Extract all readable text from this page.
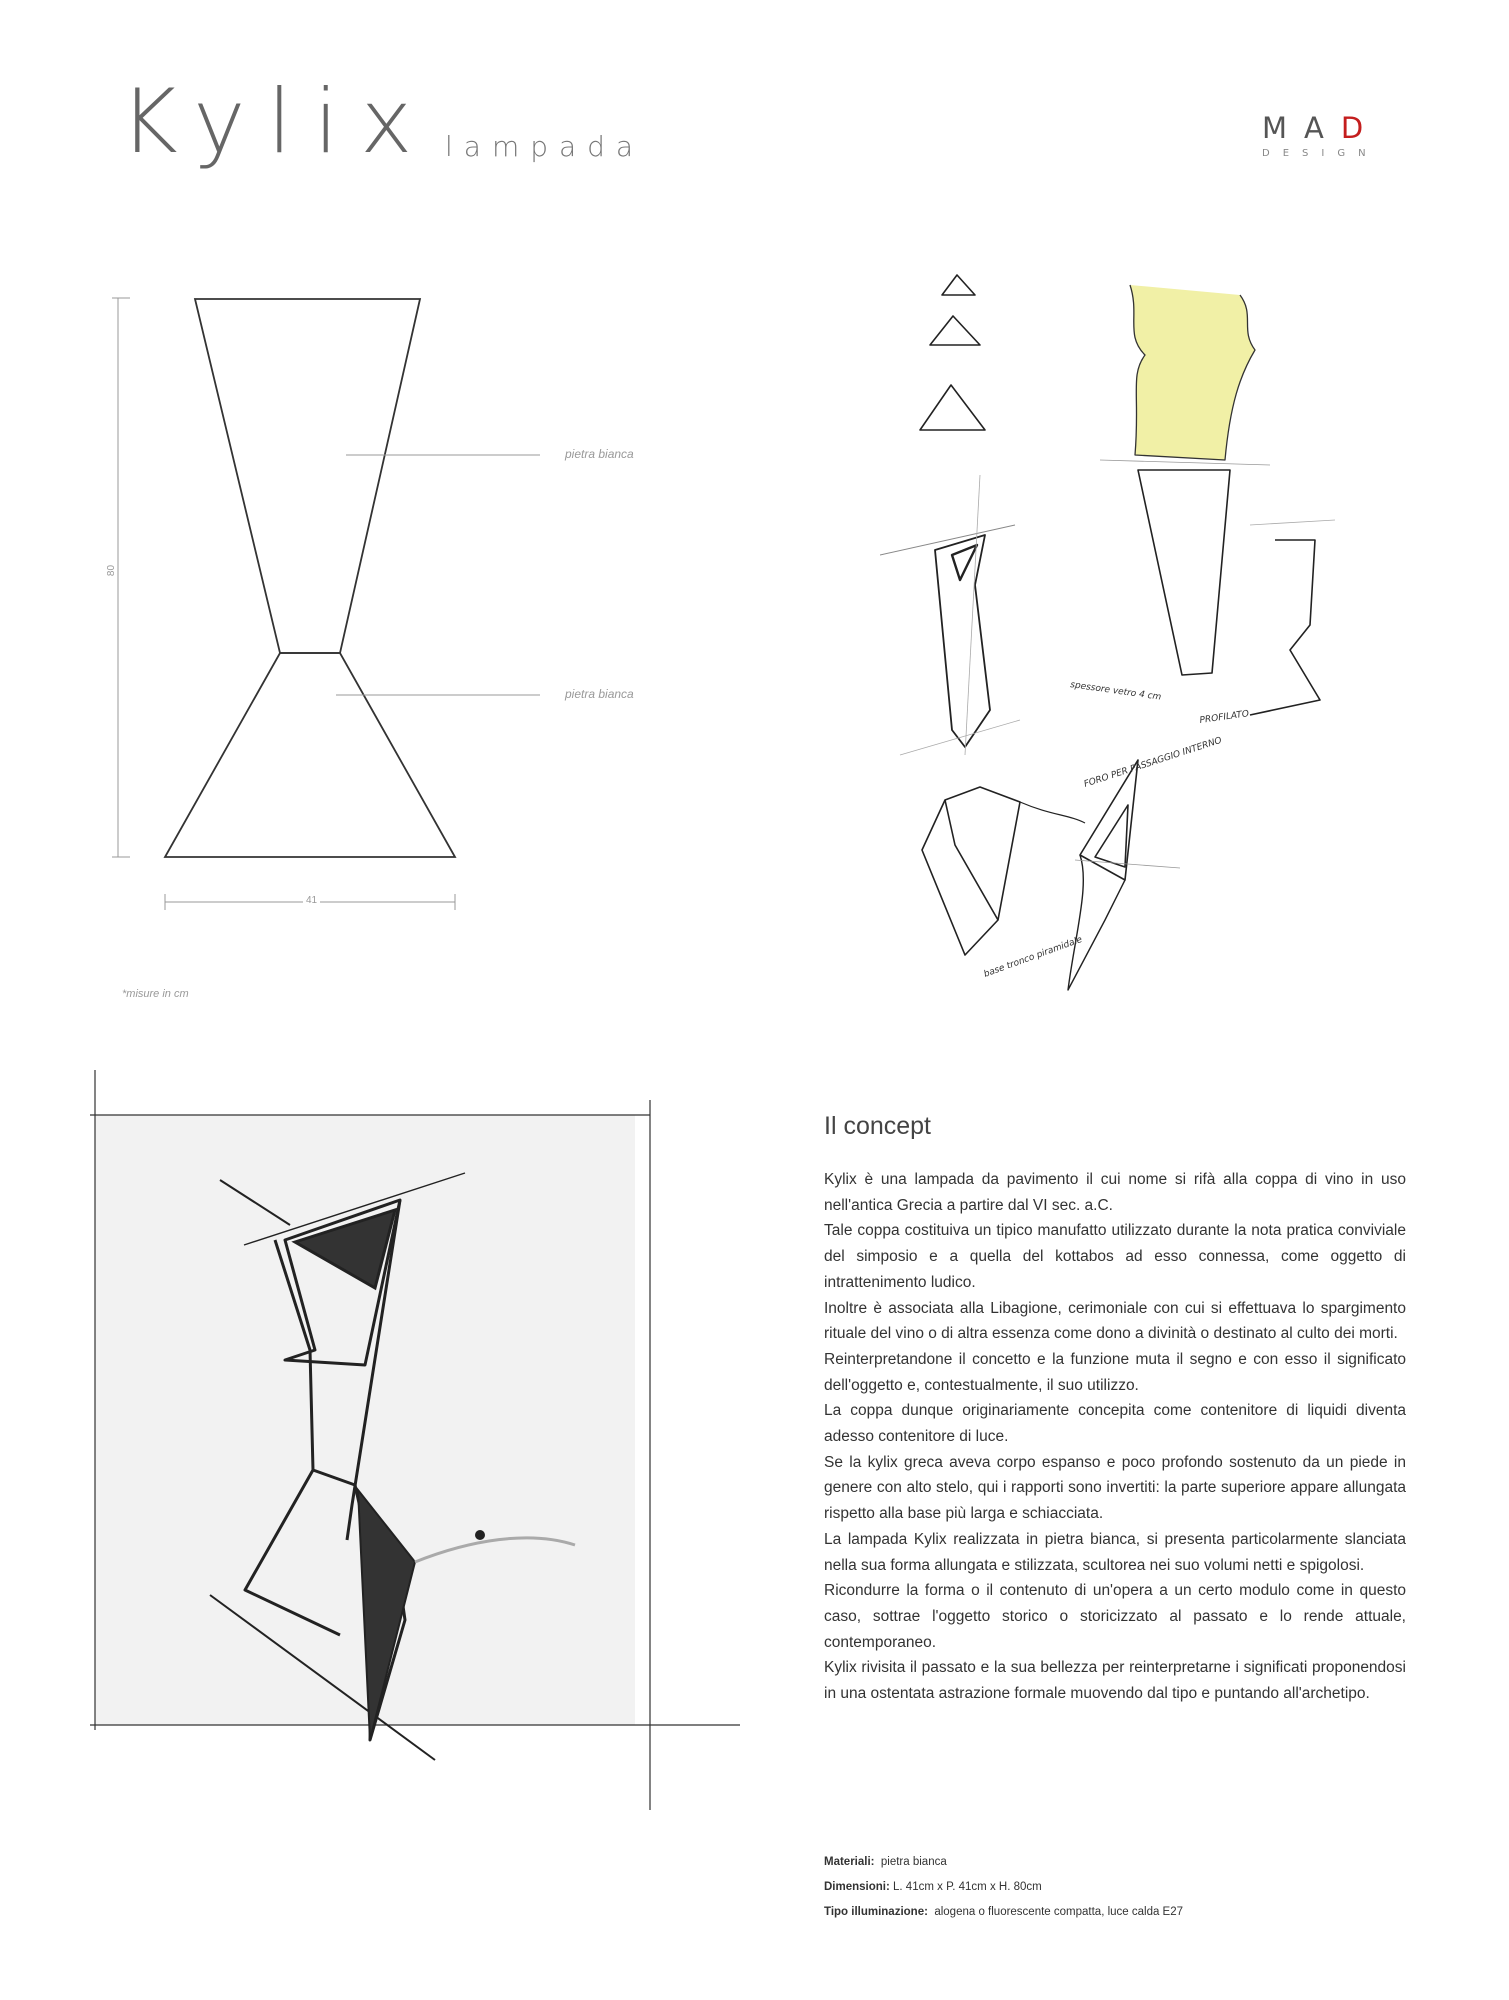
Kylix lampada
MAD
DESIGN
pietra bianca
pietra bianca
80
41
*misure in cm
spessore vetro 4 cm
PROFILATO
FORO PER PASSAGGIO INTERNO
base tronco piramidale
Il concept

Kylix è una lampada da pavimento il cui nome si rifà alla coppa di vino in uso nell'antica Grecia a partire dal VI sec. a.C.

Tale coppa costituiva un tipico manufatto utilizzato durante la nota pratica conviviale del simposio e a quella del kottabos ad esso connessa, come oggetto di intrattenimento ludico.

Inoltre è associata alla Libagione, cerimoniale con cui si effettuava lo spargimento rituale del vino o di altra essenza come dono a divinità o destinato al culto dei morti.

Reinterpretandone il concetto e la funzione muta il segno e con esso il significato dell'oggetto e, contestualmente, il suo utilizzo.

La coppa dunque originariamente concepita come contenitore di liquidi diventa adesso contenitore di luce.

Se la kylix greca aveva corpo espanso e poco profondo sostenuto da un piede in genere con alto stelo, qui i rapporti sono invertiti: la parte superiore appare allungata rispetto alla base più larga e schiacciata.

La lampada Kylix realizzata in pietra bianca, si presenta particolarmente slanciata nella sua forma allungata e stilizzata, scultorea nei suo volumi netti e spigolosi.

Ricondurre la forma o il contenuto di un'opera a un certo modulo come in questo caso, sottrae l'oggetto storico o storicizzato al passato e lo rende attuale, contemporaneo.

Kylix rivisita il passato e la sua bellezza per reinterpretarne i significati proponendosi in una ostentata astrazione formale muovendo dal tipo e puntando all'archetipo.

Materiali: pietra bianca
Dimensioni: L. 41cm x P. 41cm x H. 80cm
Tipo illuminazione: alogena o fluorescente compatta, luce calda E27
